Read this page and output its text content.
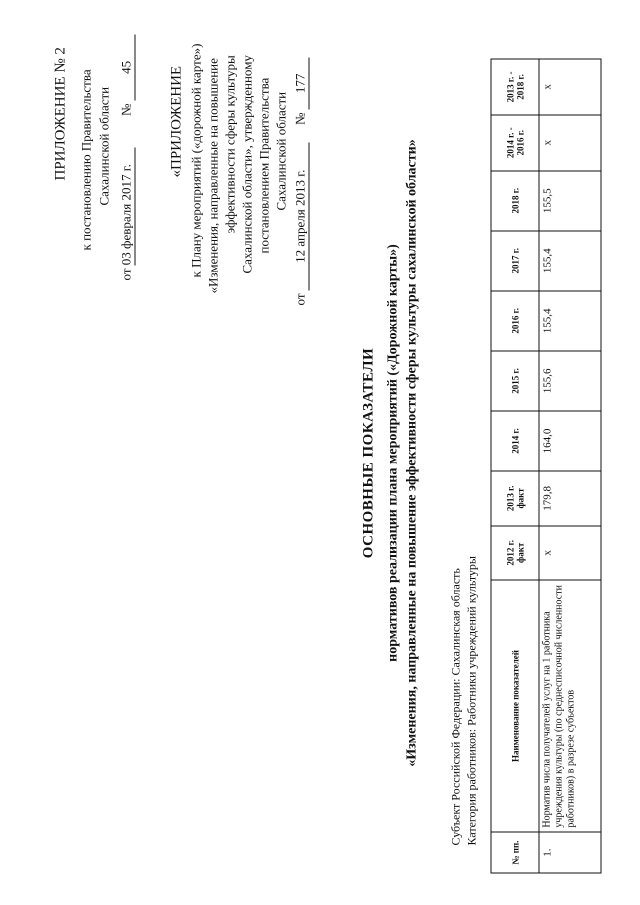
ПРИЛОЖЕНИЕ № 2 к постановлению Правительства Сахалинской области
от 03 февраля 2017 г. № 45 «ПРИЛОЖЕНИЕ к Плану мероприятий («дорожной карте») «Изменения, направленные на повышение эффективности сферы культуры Сахалинской области», утвержденному постановлением Правительства Сахалинской области
от 12 апреля 2013 г. № 177
ОСНОВНЫЕ ПОКАЗАТЕЛИ нормативов реализации плана мероприятий («Дорожной карты») «Изменения, направленные на повышение эффективности сферы культуры сахалинской области» Субъект Российской Федерации: Сахалинская область Категория работников: Работники учреждений культуры
№ пп.	Наименование показателей	2012 г. факт	2013 г. факт	2014 г.	2015 г.	2016 г.	2017 г.	2018 г.	2014 г. - 2016 г.	2013 г. - 2018 г.
1.	Норматив числа получателей услуг на 1 работника учреждения культуры (по среднесписочной численности работников) в разрезе субъектов	x	179,8	164,0	155,6	155,4	155,4	155,5	x	x
